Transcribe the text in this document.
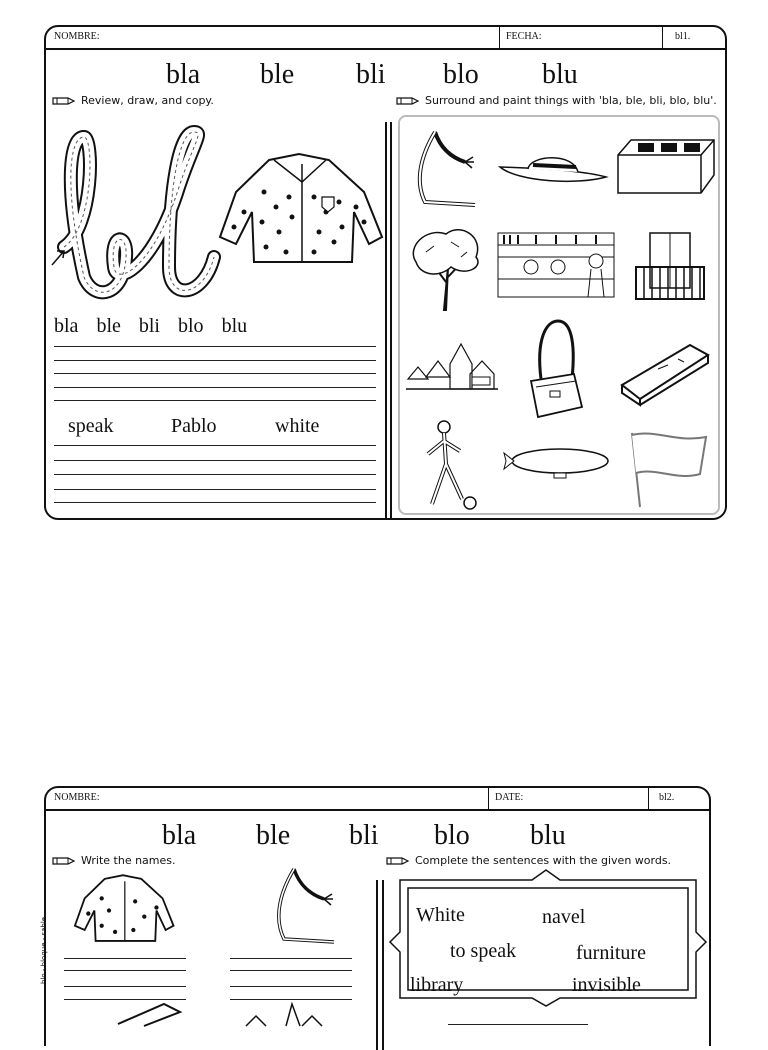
NOMBRE:	FECHA:	bl1.
bla ble bli blo blu
Review, draw, and copy.	Surround and paint things with 'bla, ble, bli, blo, blu'.
bla ble bli blo blu
speak	Pablo	white
NOMBRE:	DATE:	bl2.
bla ble bli blo blu
Write the names.	Complete the sentences with the given words.
blo - bloque - sable
White	navel
to speak	furniture
library	invisible
